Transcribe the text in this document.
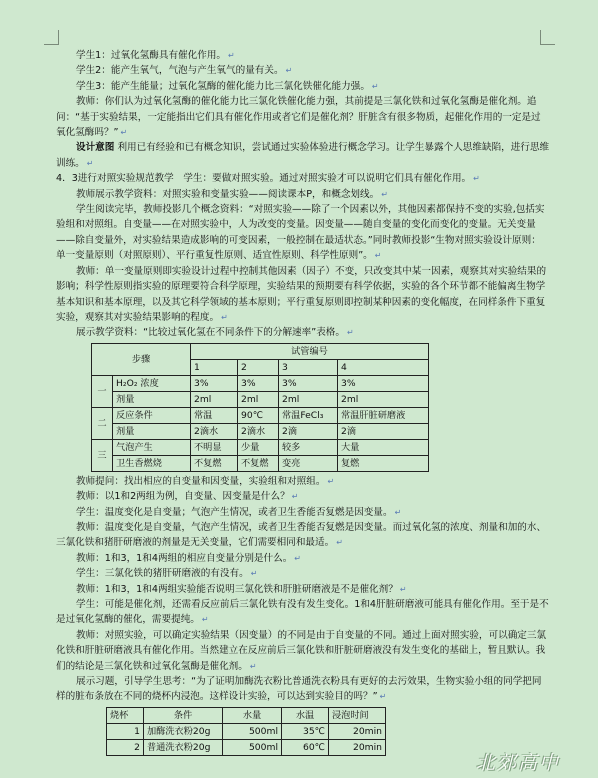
学生1：过氧化氢酶具有催化作用。 ↵

学生2：能产生氧气，气泡与产生氧气的量有关。 ↵

学生3：能产生能量；过氧化氢酶的催化能力比三氯化铁催化能力强。 ↵

教师：你们认为过氧化氢酶的催化能力比三氯化铁催化能力强，其前提是三氯化铁和过氧化氢酶是催化剂。追问：“基于实验结果，一定能指出它们具有催化作用或者它们是催化剂？肝脏含有很多物质，起催化作用的一定是过氧化氢酶吗？” ↵

设计意图 利用已有经验和已有概念知识，尝试通过实验体验进行概念学习。让学生暴露个人思维缺陷，进行思维训练。 ↵

4．3进行对照实验规范教学　学生：要做对照实验。通过对照实验才可以说明它们具有催化作用。 ↵

教师展示教学资料：对照实验和变量实验——阅读课本P，和概念划线。 ↵

学生阅读完毕，教师投影几个概念资料：“对照实验——除了一个因素以外，其他因素都保持不变的实验,包括实验组和对照组。自变量——在对照实验中，人为改变的变量。因变量——随自变量的变化而变化的变量。无关变量——除自变量外，对实验结果造成影响的可变因素，一般控制在最适状态。”同时教师投影“生物对照实验设计原则：单一变量原则（对照原则）、平行重复性原则、适宜性原则、科学性原则”。 ↵

教师：单一变量原则即实验设计过程中控制其他因素（因子）不变，只改变其中某一因素，观察其对实验结果的影响；科学性原则指实验的原理要符合科学原理，实验结果的预期要有科学依据，实验的各个环节都不能偏离生物学基本知识和基本原理，以及其它科学领域的基本原则；平行重复原则即控制某种因素的变化幅度，在同样条件下重复实验，观察其对实验结果影响的程度。 ↵

展示教学资料：“比较过氧化氢在不同条件下的分解速率”表格。 ↵

步骤		试管编号			
		1	2	3	4
一	H₂O₂ 浓度	3%	3%	3%	3%
	剂量	2ml	2ml	2ml	2ml
二	反应条件	常温	90℃	常温FeCl₃	常温肝脏研磨液
	剂量	2滴水	2滴水	2滴	2滴
三	气泡产生	不明显	少量	较多	大量
	卫生香燃烧	不复燃	不复燃	变亮	复燃

教师提问：找出相应的自变量和因变量，实验组和对照组。 ↵

教师：以1和2两组为例，自变量、因变量是什么？ ↵

学生：温度变化是自变量；气泡产生情况，或者卫生香能否复燃是因变量。 ↵

教师：温度变化是自变量，气泡产生情况，或者卫生香能否复燃是因变量。而过氧化氢的浓度、剂量和加的水、三氯化铁和猪肝研磨液的剂量是无关变量，它们需要相同和最适。 ↵

教师：1和3，1和4两组的相应自变量分别是什么。 ↵

学生：三氯化铁的猪肝研磨液的有没有。 ↵

教师：1和3，1和4两组实验能否说明三氯化铁和肝脏研磨液是不是催化剂？ ↵

学生：可能是催化剂，还需看反应前后三氯化铁有没有发生变化。1和4肝脏研磨液可能具有催化作用。至于是不是过氧化氢酶的催化，需要提纯。 ↵

教师：对照实验，可以确定实验结果（因变量）的不同是由于自变量的不同。通过上面对照实验，可以确定三氯化铁和肝脏研磨液具有催化作用。当然建立在反应前后三氯化铁和肝脏研磨液没有发生变化的基础上，暂且默认。我们的结论是三氯化铁和过氧化氢酶是催化剂。 ↵

展示习题，引导学生思考：“为了证明加酶洗衣粉比普通洗衣粉具有更好的去污效果，生物实验小组的同学把同样的脏布条放在不同的烧杯内浸泡。这样设计实验，可以达到实验目的吗？” ↵

烧杯	条件	水量	水温	浸泡时间
1	加酶洗衣粉20g	500ml	35℃	20min
2	普通洗衣粉20g	500ml	60℃	20min
北郊高中
